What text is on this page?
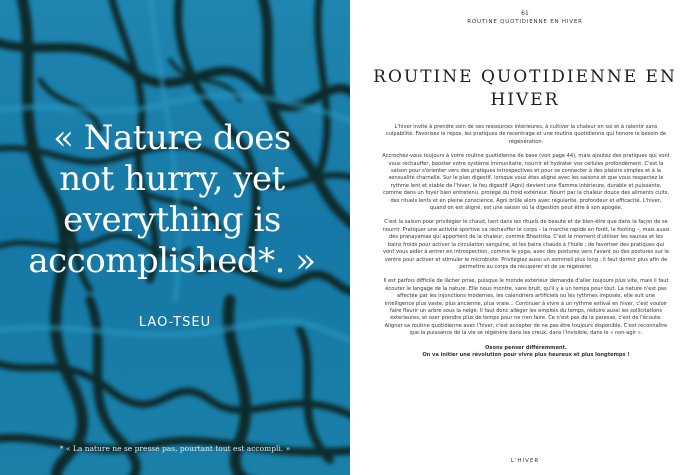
« Nature does not hurry, yet everything is accomplished*. »
LAO-TSEU
* « La nature ne se presse pas, pourtant tout est accompli. »
61
ROUTINE QUOTIDIENNE EN HIVER
ROUTINE QUOTIDIENNE EN HIVER

L'hiver invite à prendre soin de ses ressources intérieures, à cultiver la chaleur en soi et à ralentir sans culpabilité. Favorisez le repos, les pratiques de recentrage et une routine quotidienne qui honore le besoin de régénération.

Accrochez-vous toujours à votre routine quotidienne de base (voir page 44), mais ajoutez des pratiques qui vont vous réchauffer, booster votre système immunitaire, nourrir et hydrater vos cellules profondément. C'est la saison pour s'orienter vers des pratiques introspectives et pour se connecter à des plaisirs simples et à la sensualité charnelle. Sur le plan digestif, lorsque vous êtes aligné avec les saisons et que vous respectez le rythme lent et stable de l'hiver, le feu digestif (Agni) devient une flamme intérieure, durable et puissante, comme dans un foyer bien entretenu, protégé du froid extérieur. Nourri par la chaleur douce des aliments cuits, des rituels lents et en pleine conscience, Agni brûle alors avec régularité, profondeur et efficacité. L'hiver, quand on est aligné, est une saison où la digestion peut être à son apogée.

C'est la saison pour privilégier le chaud, tant dans les rituels de beauté et de bien-être que dans la façon de se nourrir. Pratiquer une activité sportive va réchauffer le corps – la marche rapide en forêt, le footing –, mais aussi des pranayamas qui apportent de la chaleur, comme Bhastrika. C'est le moment d'utiliser les saunas et les bains froids pour activer la circulation sanguine, et les bains chauds à l'huile ; de favoriser des pratiques qui vont vous aider à entrer en introspection, comme le yoga, avec des postures vers l'avant ou des postures sur le ventre pour activer et stimuler le microbiote. Privilégiez aussi un sommeil plus long : il faut dormir plus afin de permettre au corps de récupérer et de se régénérer.

Il est parfois difficile de lâcher prise, puisque le monde extérieur demande d'aller toujours plus vite, mais il faut écouter le langage de la nature. Elle nous montre, sans bruit, qu'il y a un temps pour tout. La nature n'est pas affectée par les injonctions modernes, les calendriers artificiels ou les rythmes imposés, elle suit une intelligence plus vaste, plus ancienne, plus vraie... Continuer à vivre à un rythme estival en hiver, c'est vouloir faire fleurir un arbre sous la neige. Il faut donc alléger les emplois du temps, réduire aussi les sollicitations extérieures, et oser prendre plus de temps pour ne rien faire. Ce n'est pas de la paresse, c'est de l'écoute. Aligner sa routine quotidienne avec l'hiver, c'est accepter de ne pas être toujours disponible. C'est reconnaître que la puissance de la vie se régénère dans les creux, dans l'invisible, dans le « non-agir ».

Osons penser différemment.

On va initier une révolution pour vivre plus heureux et plus longtemps !

L'HIVER
